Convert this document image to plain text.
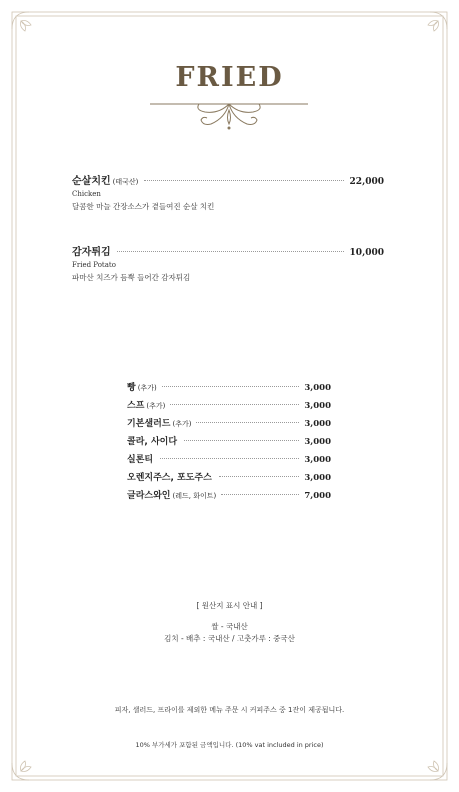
FRIED
순살치킨 (태국산)	22,000
Chicken
달콤한 마늘 간장소스가 곁들여진 순살 치킨
감자튀김	10,000
Fried Potato
파마산 치즈가 듬뿍 들어간 감자튀김
빵 (추가)	3,000
스프 (추가)	3,000
기본샐러드 (추가)	3,000
콜라, 사이다	3,000
실론티	3,000
오렌지주스, 포도주스	3,000
글라스와인 (레드, 화이트)	7,000
[ 원산지 표시 안내 ]
쌀 - 국내산
김치 - 배추 : 국내산 / 고춧가루 : 중국산
피자, 샐러드, 프라이를 제외한 메뉴 주문 시 커피주스 중 1잔이 제공됩니다.
10% 부가세가 포함된 금액입니다. (10% vat included in price)
